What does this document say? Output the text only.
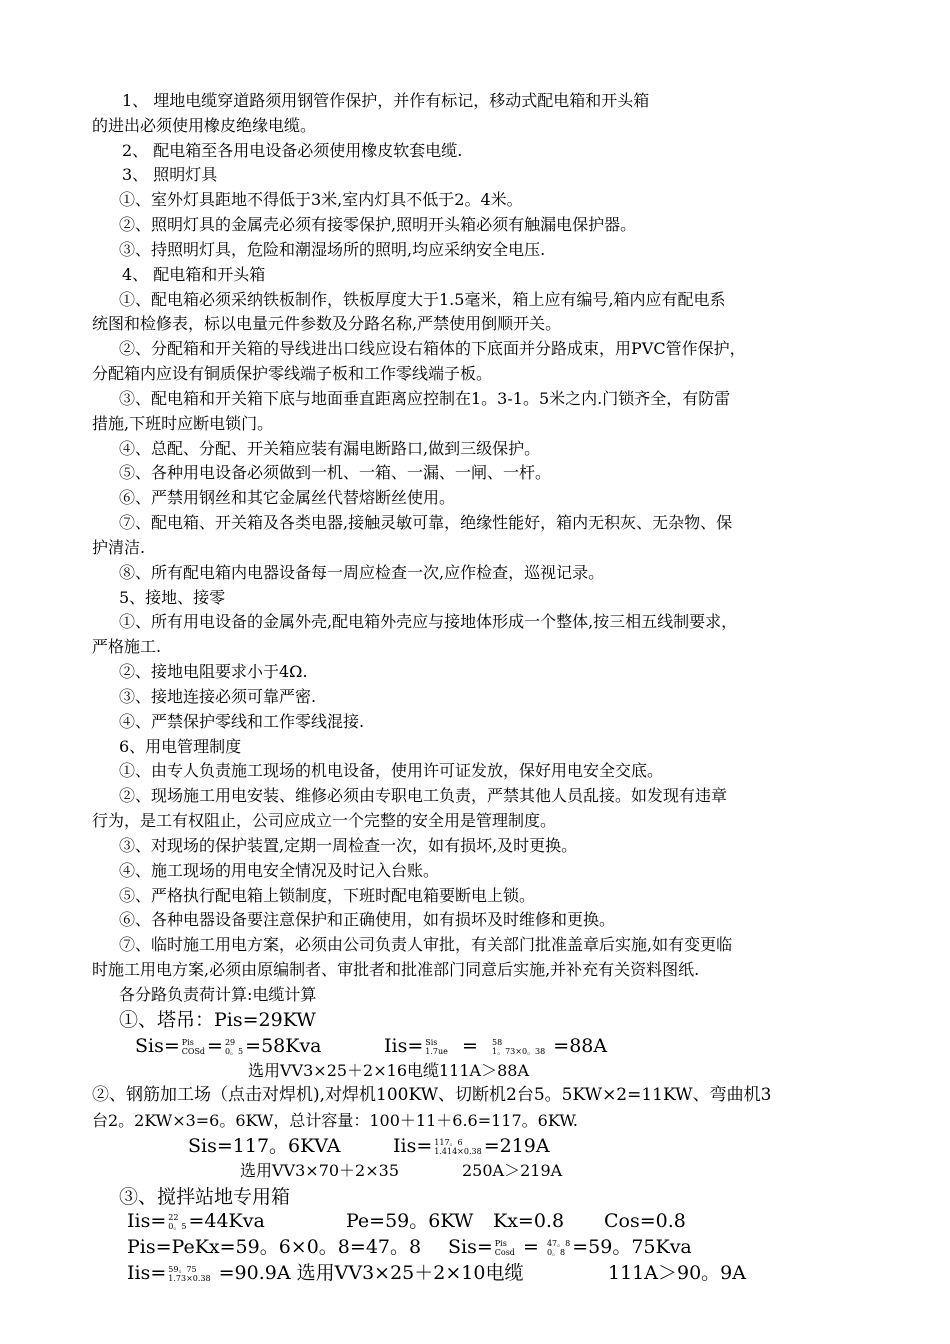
1、 埋地电缆穿道路须用钢管作保护，并作有标记，移动式配电箱和开头箱
的进出必须使用橡皮绝缘电缆。
2、 配电箱至各用电设备必须使用橡皮软套电缆.
3、 照明灯具
①、室外灯具距地不得低于3米,室内灯具不低于2。4米。
②、照明灯具的金属壳必须有接零保护,照明开头箱必须有触漏电保护器。
③、持照明灯具，危险和潮湿场所的照明,均应采纳安全电压.
4、 配电箱和开头箱
①、配电箱必须采纳铁板制作，铁板厚度大于1.5毫米，箱上应有编号,箱内应有配电系
统图和检修表，标以电量元件参数及分路名称,严禁使用倒顺开关。
②、分配箱和开关箱的导线进出口线应设右箱体的下底面并分路成束，用PVC管作保护，
分配箱内应设有铜质保护零线端子板和工作零线端子板。
③、配电箱和开关箱下底与地面垂直距离应控制在1。3-1。5米之内.门锁齐全，有防雷
措施,下班时应断电锁门。
④、总配、分配、开关箱应装有漏电断路口,做到三级保护。
⑤、各种用电设备必须做到一机、一箱、一漏、一闸、一杆。
⑥、严禁用钢丝和其它金属丝代替熔断丝使用。
⑦、配电箱、开关箱及各类电器,接触灵敏可靠，绝缘性能好，箱内无积灰、无杂物、保
护清洁.
⑧、所有配电箱内电器设备每一周应检查一次,应作检查，巡视记录。
5、接地、接零
①、所有用电设备的金属外壳,配电箱外壳应与接地体形成一个整体,按三相五线制要求，
严格施工.
②、接地电阻要求小于4Ω.
③、接地连接必须可靠严密.
④、严禁保护零线和工作零线混接.
6、用电管理制度
①、由专人负责施工现场的机电设备，使用许可证发放，保好用电安全交底。
②、现场施工用电安装、维修必须由专职电工负责，严禁其他人员乱接。如发现有违章
行为，是工有权阻止，公司应成立一个完整的安全用是管理制度。
③、对现场的保护装置,定期一周检查一次，如有损坏,及时更换。
④、施工现场的用电安全情况及时记入台账。
⑤、严格执行配电箱上锁制度，下班时配电箱要断电上锁。
⑥、各种电器设备要注意保护和正确使用，如有损坏及时维修和更换。
⑦、临时施工用电方案，必须由公司负责人审批，有关部门批准盖章后实施,如有变更临
时施工用电方案,必须由原编制者、审批者和批准部门同意后实施,并补充有关资料图纸.
各分路负责荷计算:电缆计算
①、塔吊：Pis=29KW
Sis= Pis
COSd = 29
0。5 =58Kva	Iis= Sis
1.7ue = 58
1。73×0。38 =88A
选用VV3×25＋2×16电缆111A＞88A
②、钢筋加工场（点击对焊机),对焊机100KW、切断机2台5。5KW×2=11KW、弯曲机3
台2。2KW×3=6。6KW，总计容量：100＋11＋6.6=117。6KW.
Sis=117。6KVA	Iis= 117。6
1.414×0.38 =219A
选用VV3×70＋2×35	250A＞219A
③、搅拌站地专用箱
Iis= 22
0。5 =44Kva	Pe=59。6KW Kx=0.8 Cos=0.8
Pis=PeKx=59。6×0。8=47。8 Sis= Pis
Cosd = 47。8
0。8 =59。75Kva
Iis= 59。75
1.73×0.38 =90.9A 选用VV3×25＋2×10电缆	111A＞90。9A
